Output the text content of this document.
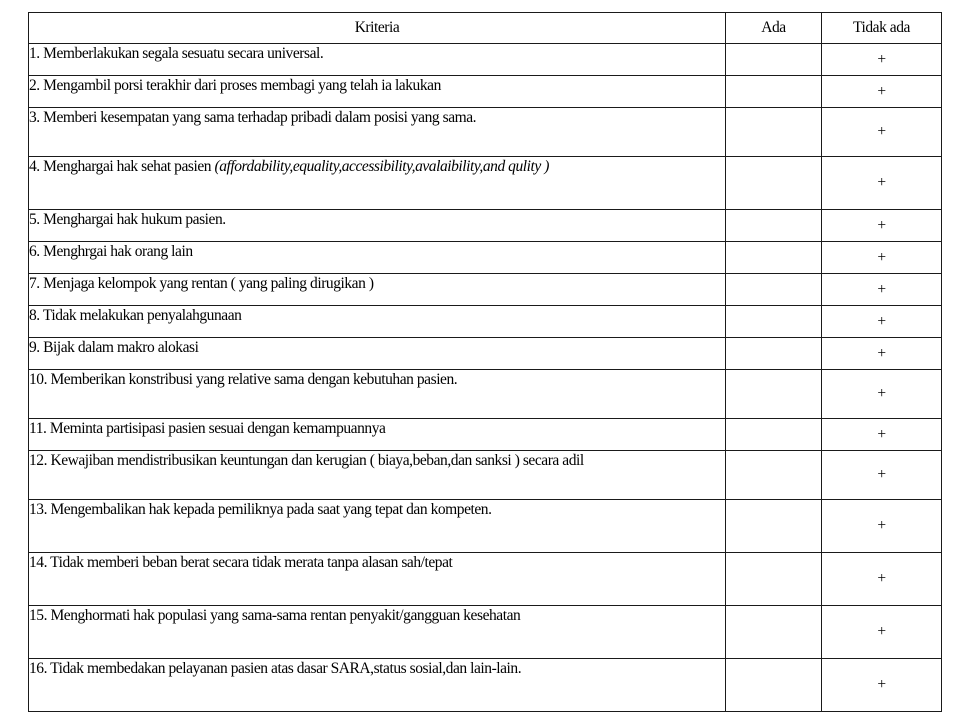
Kriteria	Ada	Tidak ada
1. Memberlakukan segala sesuatu secara universal.		+
2. Mengambil porsi terakhir dari proses membagi yang telah ia lakukan		+
3. Memberi kesempatan yang sama terhadap pribadi dalam posisi yang sama.		+
4. Menghargai hak sehat pasien (affordability,equality,accessibility,avalaibility,and qulity )		+
5. Menghargai hak hukum pasien.		+
6. Menghrgai hak orang lain		+
7. Menjaga kelompok yang rentan ( yang paling dirugikan )		+
8. Tidak melakukan penyalahgunaan		+
9. Bijak dalam makro alokasi		+
10. Memberikan konstribusi yang relative sama dengan kebutuhan pasien.		+
11. Meminta partisipasi pasien sesuai dengan kemampuannya		+
12. Kewajiban mendistribusikan keuntungan dan kerugian ( biaya,beban,dan sanksi ) secara adil		+
13. Mengembalikan hak kepada pemiliknya pada saat yang tepat dan kompeten.		+
14. Tidak memberi beban berat secara tidak merata tanpa alasan sah/tepat		+
15. Menghormati hak populasi yang sama-sama rentan penyakit/gangguan kesehatan		+
16. Tidak membedakan pelayanan pasien atas dasar SARA,status sosial,dan lain-lain.		+
